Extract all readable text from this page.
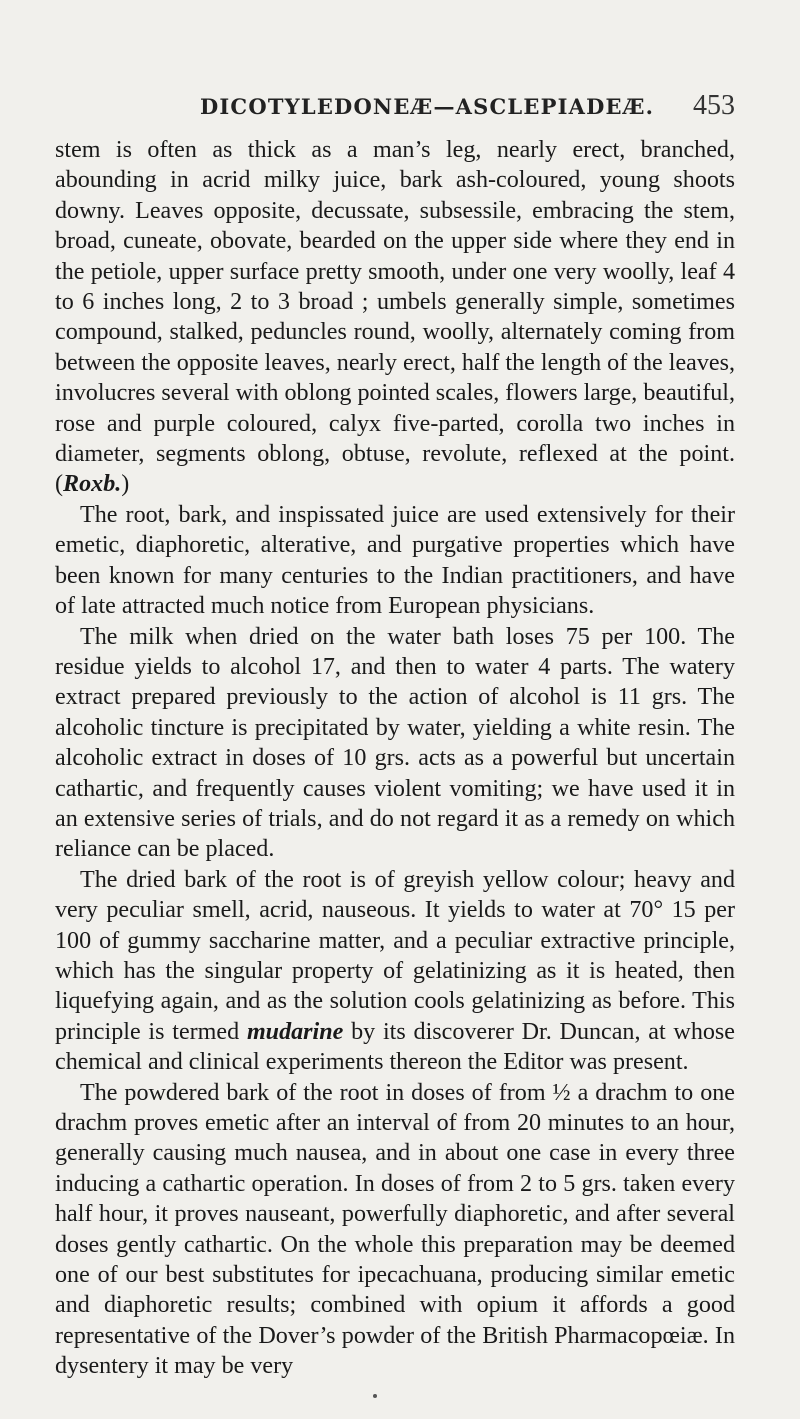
DICOTYLEDONEÆ—ASCLEPIADEÆ. 453

stem is often as thick as a man’s leg, nearly erect, branched, abounding in acrid milky juice, bark ash-coloured, young shoots downy. Leaves opposite, decussate, subsessile, embracing the stem, broad, cuneate, obovate, bearded on the upper side where they end in the petiole, upper surface pretty smooth, under one very woolly, leaf 4 to 6 inches long, 2 to 3 broad ; umbels generally simple, sometimes compound, stalked, peduncles round, woolly, alternately coming from between the opposite leaves, nearly erect, half the length of the leaves, involucres several with oblong pointed scales, flowers large, beautiful, rose and purple coloured, calyx five-parted, corolla two inches in diameter, segments oblong, obtuse, revolute, reflexed at the point. (Roxb.)

The root, bark, and inspissated juice are used extensively for their emetic, diaphoretic, alterative, and purgative properties which have been known for many centuries to the Indian practitioners, and have of late attracted much notice from European physicians.

The milk when dried on the water bath loses 75 per 100. The residue yields to alcohol 17, and then to water 4 parts. The watery extract prepared previously to the action of alcohol is 11 grs. The alcoholic tincture is precipitated by water, yielding a white resin. The alcoholic extract in doses of 10 grs. acts as a powerful but uncertain cathartic, and frequently causes violent vomiting; we have used it in an extensive series of trials, and do not regard it as a remedy on which reliance can be placed.

The dried bark of the root is of greyish yellow colour; heavy and very peculiar smell, acrid, nauseous. It yields to water at 70° 15 per 100 of gummy saccharine matter, and a peculiar extractive principle, which has the singular property of gelatinizing as it is heated, then liquefying again, and as the solution cools gelatinizing as before. This principle is termed mudarine by its discoverer Dr. Duncan, at whose chemical and clinical experiments thereon the Editor was present.

The powdered bark of the root in doses of from ½ a drachm to one drachm proves emetic after an interval of from 20 minutes to an hour, generally causing much nausea, and in about one case in every three inducing a cathartic operation. In doses of from 2 to 5 grs. taken every half hour, it proves nauseant, powerfully diaphoretic, and after several doses gently cathartic. On the whole this preparation may be deemed one of our best substitutes for ipecachuana, producing similar emetic and diaphoretic results; combined with opium it affords a good representative of the Dover’s powder of the British Pharmacopœiæ. In dysentery it may be very
